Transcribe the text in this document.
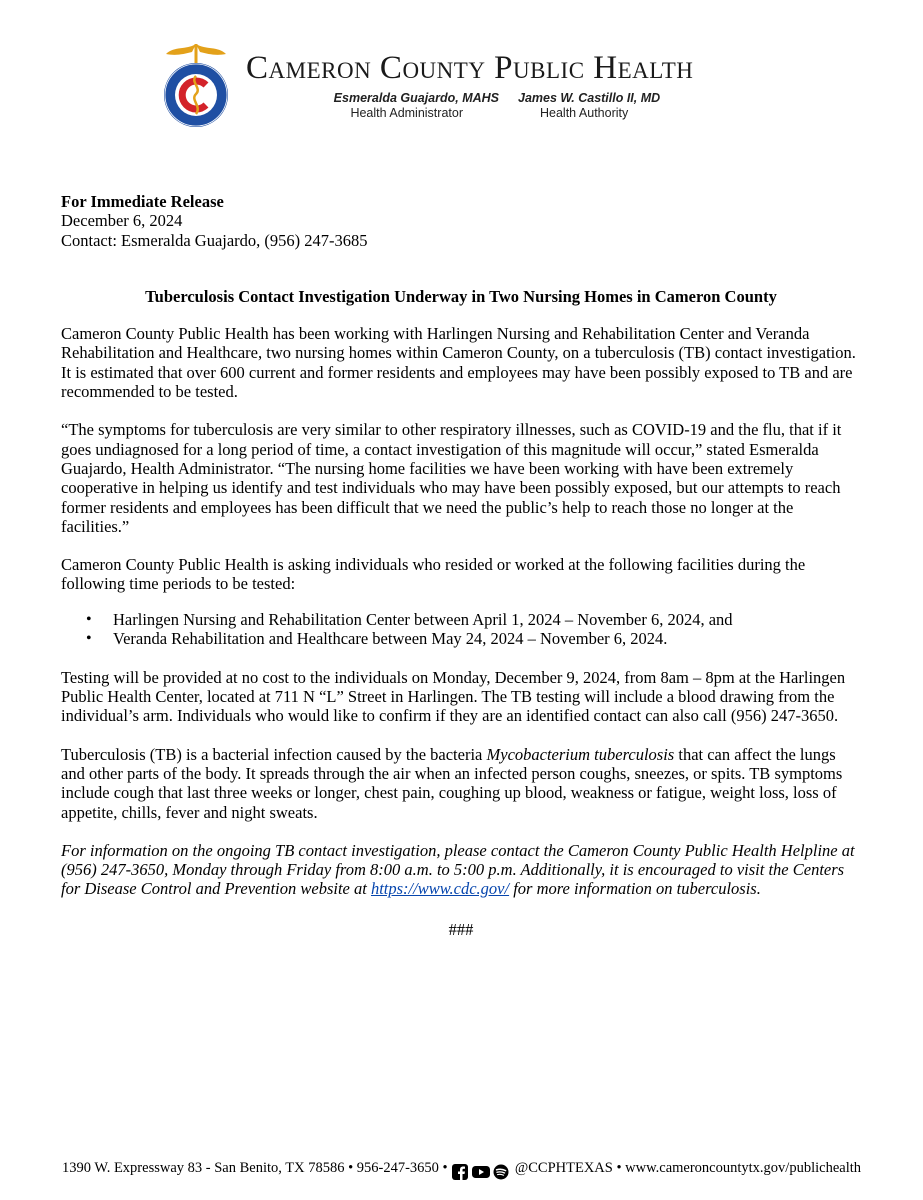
Cameron County Public Health
Esmeralda Guajardo, MAHS
Health Administrator
James W. Castillo II, MD
Health Authority
For Immediate Release
December 6, 2024
Contact: Esmeralda Guajardo, (956) 247-3685
Tuberculosis Contact Investigation Underway in Two Nursing Homes in Cameron County

Cameron County Public Health has been working with Harlingen Nursing and Rehabilitation Center and Veranda Rehabilitation and Healthcare, two nursing homes within Cameron County, on a tuberculosis (TB) contact investigation. It is estimated that over 600 current and former residents and employees may have been possibly exposed to TB and are recommended to be tested.

“The symptoms for tuberculosis are very similar to other respiratory illnesses, such as COVID-19 and the flu, that if it goes undiagnosed for a long period of time, a contact investigation of this magnitude will occur,” stated Esmeralda Guajardo, Health Administrator. “The nursing home facilities we have been working with have been extremely cooperative in helping us identify and test individuals who may have been possibly exposed, but our attempts to reach former residents and employees has been difficult that we need the public’s help to reach those no longer at the facilities.”

Cameron County Public Health is asking individuals who resided or worked at the following facilities during the following time periods to be tested:

• Harlingen Nursing and Rehabilitation Center between April 1, 2024 – November 6, 2024, and
• Veranda Rehabilitation and Healthcare between May 24, 2024 – November 6, 2024.

Testing will be provided at no cost to the individuals on Monday, December 9, 2024, from 8am – 8pm at the Harlingen Public Health Center, located at 711 N “L” Street in Harlingen. The TB testing will include a blood drawing from the individual’s arm. Individuals who would like to confirm if they are an identified contact can also call (956) 247-3650.

Tuberculosis (TB) is a bacterial infection caused by the bacteria Mycobacterium tuberculosis that can affect the lungs and other parts of the body. It spreads through the air when an infected person coughs, sneezes, or spits. TB symptoms include cough that last three weeks or longer, chest pain, coughing up blood, weakness or fatigue, weight loss, loss of appetite, chills, fever and night sweats.

For information on the ongoing TB contact investigation, please contact the Cameron County Public Health Helpline at (956) 247-3650, Monday through Friday from 8:00 a.m. to 5:00 p.m. Additionally, it is encouraged to visit the Centers for Disease Control and Prevention website at https://www.cdc.gov/ for more information on tuberculosis.

###
1390 W. Expressway 83 - San Benito, TX 78586 • 956-247-3650 •	@CCPHTEXAS • www.cameroncountytx.gov/publichealth
